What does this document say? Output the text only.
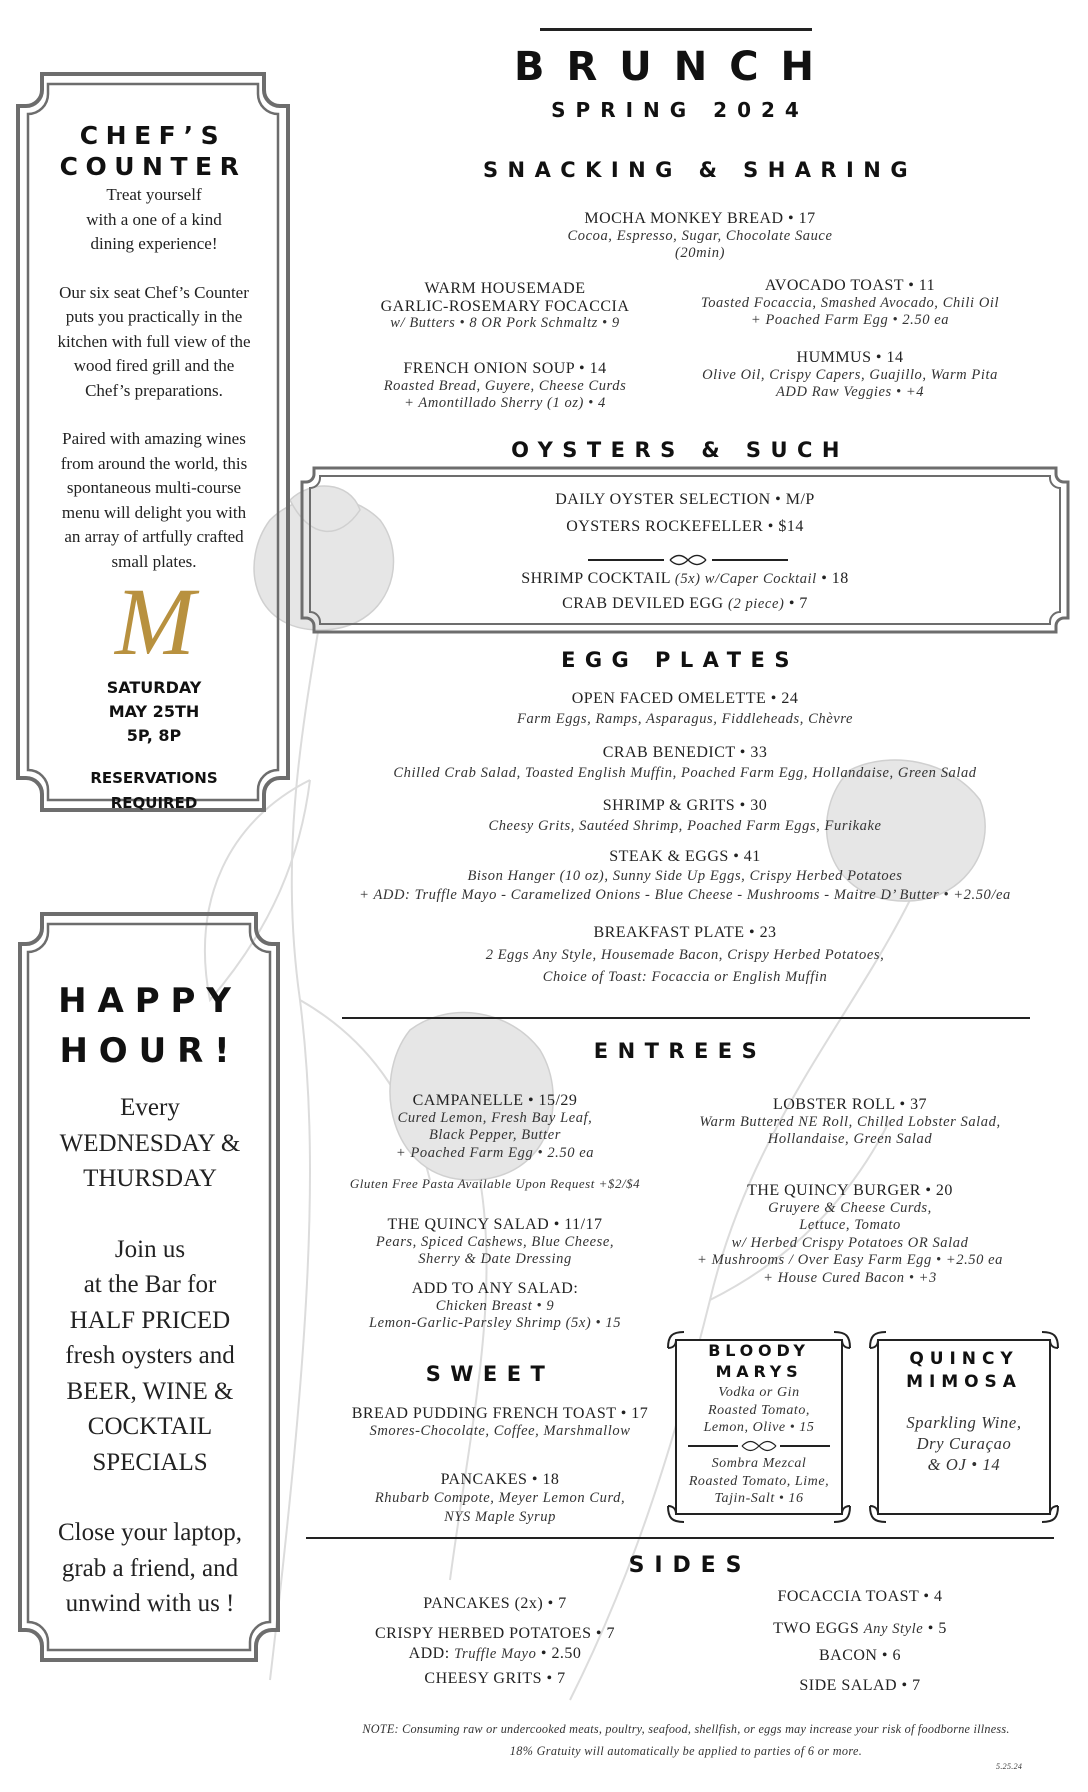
BRUNCH
SPRING 2024
CHEF’S
COUNTER
Treat yourself
with a one of a kind
dining experience!
Our six seat Chef’s Counter
puts you practically in the
kitchen with full view of the
wood fired grill and the
Chef’s preparations.
Paired with amazing wines
from around the world, this
spontaneous multi-course
menu will delight you with
an array of artfully crafted
small plates.
M
SATURDAY
MAY 25TH
5P, 8P
RESERVATIONS
REQUIRED
HAPPY
HOUR!
Every
WEDNESDAY &
THURSDAY
Join us
at the Bar for
HALF PRICED
fresh oysters and
BEER, WINE &
COCKTAIL
SPECIALS
Close your laptop,
grab a friend, and
unwind with us !
SNACKING & SHARING
MOCHA MONKEY BREAD • 17
Cocoa, Espresso, Sugar, Chocolate Sauce
(20min)
WARM HOUSEMADE
GARLIC-ROSEMARY FOCACCIA
w/ Butters • 8 OR Pork Schmaltz • 9
AVOCADO TOAST • 11
Toasted Focaccia, Smashed Avocado, Chili Oil
+ Poached Farm Egg • 2.50 ea
FRENCH ONION SOUP • 14
Roasted Bread, Guyere, Cheese Curds
+ Amontillado Sherry (1 oz) • 4
HUMMUS • 14
Olive Oil, Crispy Capers, Guajillo, Warm Pita
ADD Raw Veggies • +4
OYSTERS & SUCH
DAILY OYSTER SELECTION • M/P
OYSTERS ROCKEFELLER • $14
SHRIMP COCKTAIL (5x) w/Caper Cocktail • 18
CRAB DEVILED EGG (2 piece) • 7
EGG PLATES
OPEN FACED OMELETTE • 24
Farm Eggs, Ramps, Asparagus, Fiddleheads, Chèvre
CRAB BENEDICT • 33
Chilled Crab Salad, Toasted English Muffin, Poached Farm Egg, Hollandaise, Green Salad
SHRIMP & GRITS • 30
Cheesy Grits, Sautéed Shrimp, Poached Farm Eggs, Furikake
STEAK & EGGS • 41
Bison Hanger (10 oz), Sunny Side Up Eggs, Crispy Herbed Potatoes
+ ADD: Truffle Mayo - Caramelized Onions - Blue Cheese - Mushrooms - Maitre D’ Butter • +2.50/ea
BREAKFAST PLATE • 23
2 Eggs Any Style, Housemade Bacon, Crispy Herbed Potatoes,
Choice of Toast: Focaccia or English Muffin
ENTREES
CAMPANELLE • 15/29
Cured Lemon, Fresh Bay Leaf,
Black Pepper, Butter
+ Poached Farm Egg • 2.50 ea
Gluten Free Pasta Available Upon Request +$2/$4
THE QUINCY SALAD • 11/17
Pears, Spiced Cashews, Blue Cheese,
Sherry & Date Dressing
ADD TO ANY SALAD:
Chicken Breast • 9
Lemon-Garlic-Parsley Shrimp (5x) • 15
LOBSTER ROLL • 37
Warm Buttered NE Roll, Chilled Lobster Salad,
Hollandaise, Green Salad
THE QUINCY BURGER • 20
Gruyere & Cheese Curds,
Lettuce, Tomato
w/ Herbed Crispy Potatoes OR Salad
+ Mushrooms / Over Easy Farm Egg • +2.50 ea
+ House Cured Bacon • +3
SWEET
BREAD PUDDING FRENCH TOAST • 17
Smores-Chocolate, Coffee, Marshmallow
PANCAKES • 18
Rhubarb Compote, Meyer Lemon Curd,
NYS Maple Syrup
BLOODY
MARYS
Vodka or Gin
Roasted Tomato,
Lemon, Olive • 15
Sombra Mezcal
Roasted Tomato, Lime,
Tajin-Salt • 16
QUINCY
MIMOSA
Sparkling Wine,
Dry Curaçao
& OJ • 14
SIDES
PANCAKES (2x) • 7
CRISPY HERBED POTATOES • 7
ADD: Truffle Mayo • 2.50
CHEESY GRITS • 7
FOCACCIA TOAST • 4
TWO EGGS Any Style • 5
BACON • 6
SIDE SALAD • 7
NOTE: Consuming raw or undercooked meats, poultry, seafood, shellfish, or eggs may increase your risk of foodborne illness.
18% Gratuity will automatically be applied to parties of 6 or more.
5.25.24
